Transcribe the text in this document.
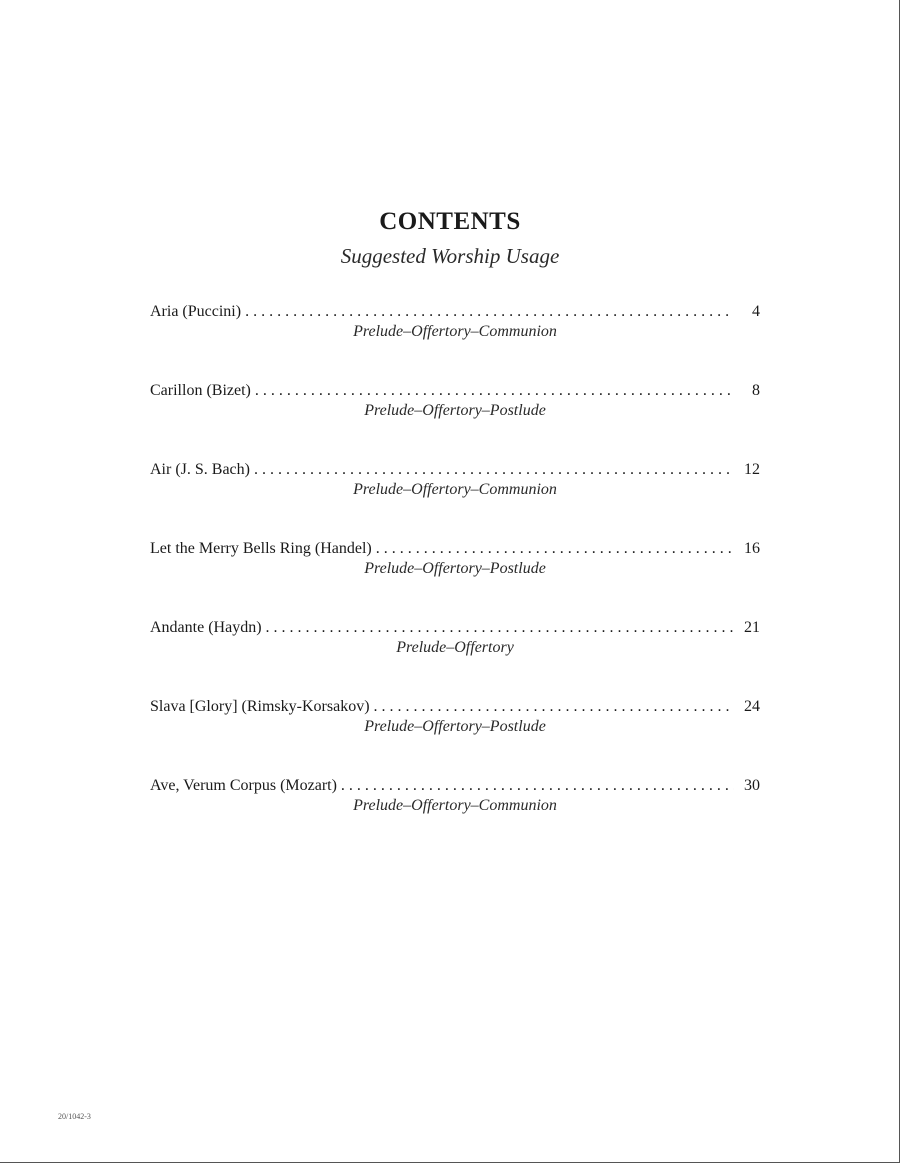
CONTENTS
Suggested Worship Usage
Aria (Puccini) . . .	4
Prelude–Offertory–Communion
Carillon (Bizet) . . .	8
Prelude–Offertory–Postlude
Air (J. S. Bach) . . .	12
Prelude–Offertory–Communion
Let the Merry Bells Ring (Handel) . . .	16
Prelude–Offertory–Postlude
Andante (Haydn) . . .	21
Prelude–Offertory
Slava [Glory] (Rimsky-Korsakov) . . .	24
Prelude–Offertory–Postlude
Ave, Verum Corpus (Mozart) . . .	30
Prelude–Offertory–Communion
20/1042-3
